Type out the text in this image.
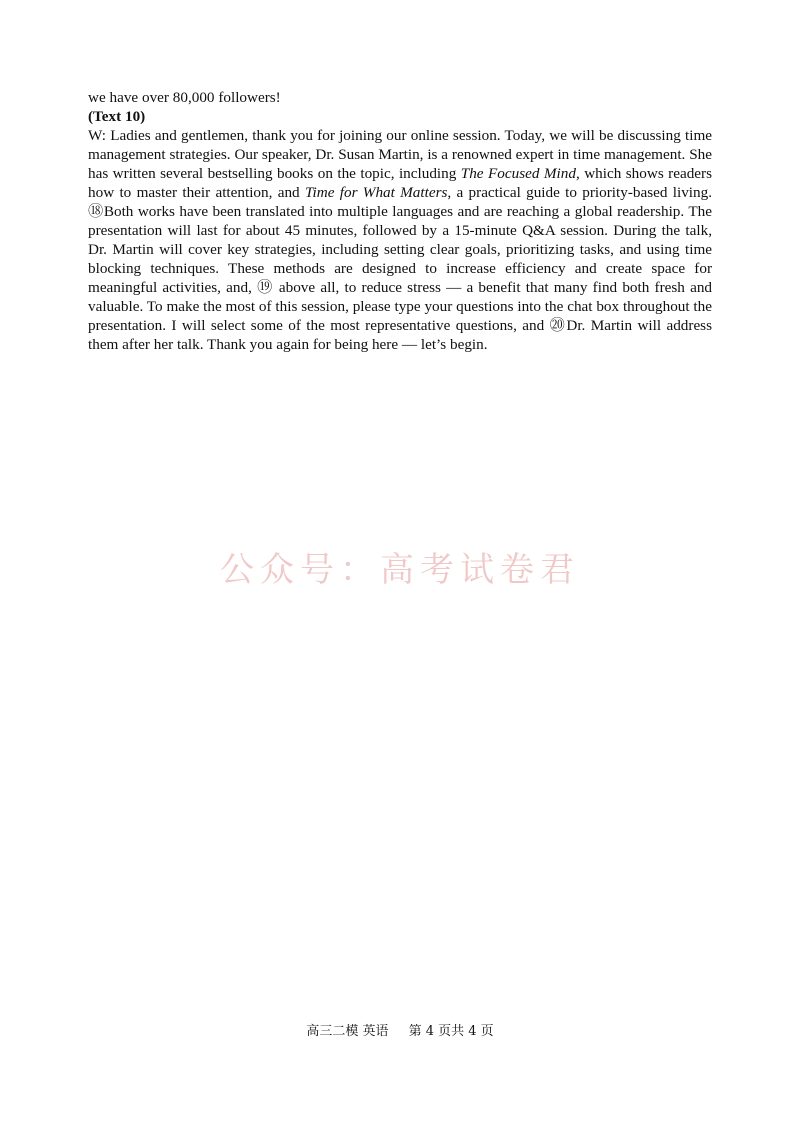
we have over 80,000 followers!

(Text 10)

W: Ladies and gentlemen, thank you for joining our online session. Today, we will be discussing time management strategies. Our speaker, Dr. Susan Martin, is a renowned expert in time management. She has written several bestselling books on the topic, including The Focused Mind, which shows readers how to master their attention, and Time for What Matters, a practical guide to priority-based living. ⑱Both works have been translated into multiple languages and are reaching a global readership. The presentation will last for about 45 minutes, followed by a 15-minute Q&A session. During the talk, Dr. Martin will cover key strategies, including setting clear goals, prioritizing tasks, and using time blocking techniques. These methods are designed to increase efficiency and create space for meaningful activities, and, ⑲ above all, to reduce stress — a benefit that many find both fresh and valuable. To make the most of this session, please type your questions into the chat box throughout the presentation. I will select some of the most representative questions, and ⑳Dr. Martin will address them after her talk. Thank you again for being here — let’s begin.

公众号：高考试卷君
高三二模 英语 第 4 页共 4 页
